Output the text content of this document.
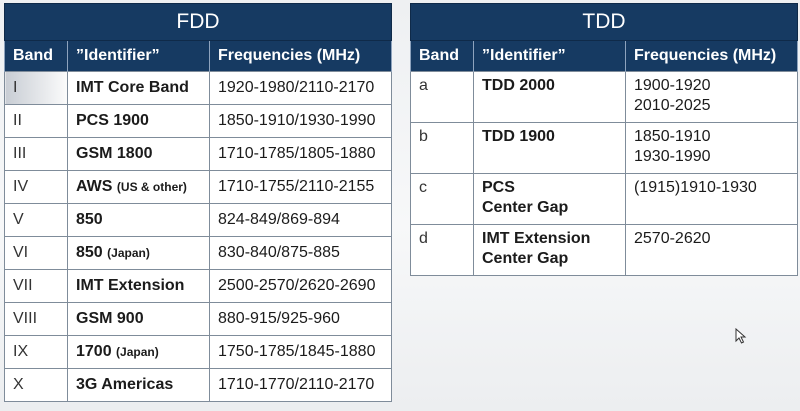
FDD		
Band	”Identifier”	Frequencies (MHz)
I	IMT Core Band	1920-1980/2110-2170
II	PCS 1900	1850-1910/1930-1990
III	GSM 1800	1710-1785/1805-1880
IV	AWS (US & other)	1710-1755/2110-2155
V	850	824-849/869-894
VI	850 (Japan)	830-840/875-885
VII	IMT Extension	2500-2570/2620-2690
VIII	GSM 900	880-915/925-960
IX	1700 (Japan)	1750-1785/1845-1880
X	3G Americas	1710-1770/2110-2170
TDD		
Band	”Identifier”	Frequencies (MHz)
a	TDD 2000	1900-1920
2010-2025

b	TDD 1900	1850-1910
1930-1990

c	PCS
Center Gap	(1915)1910-1930

d	IMT Extension
Center Gap	2570-2620
